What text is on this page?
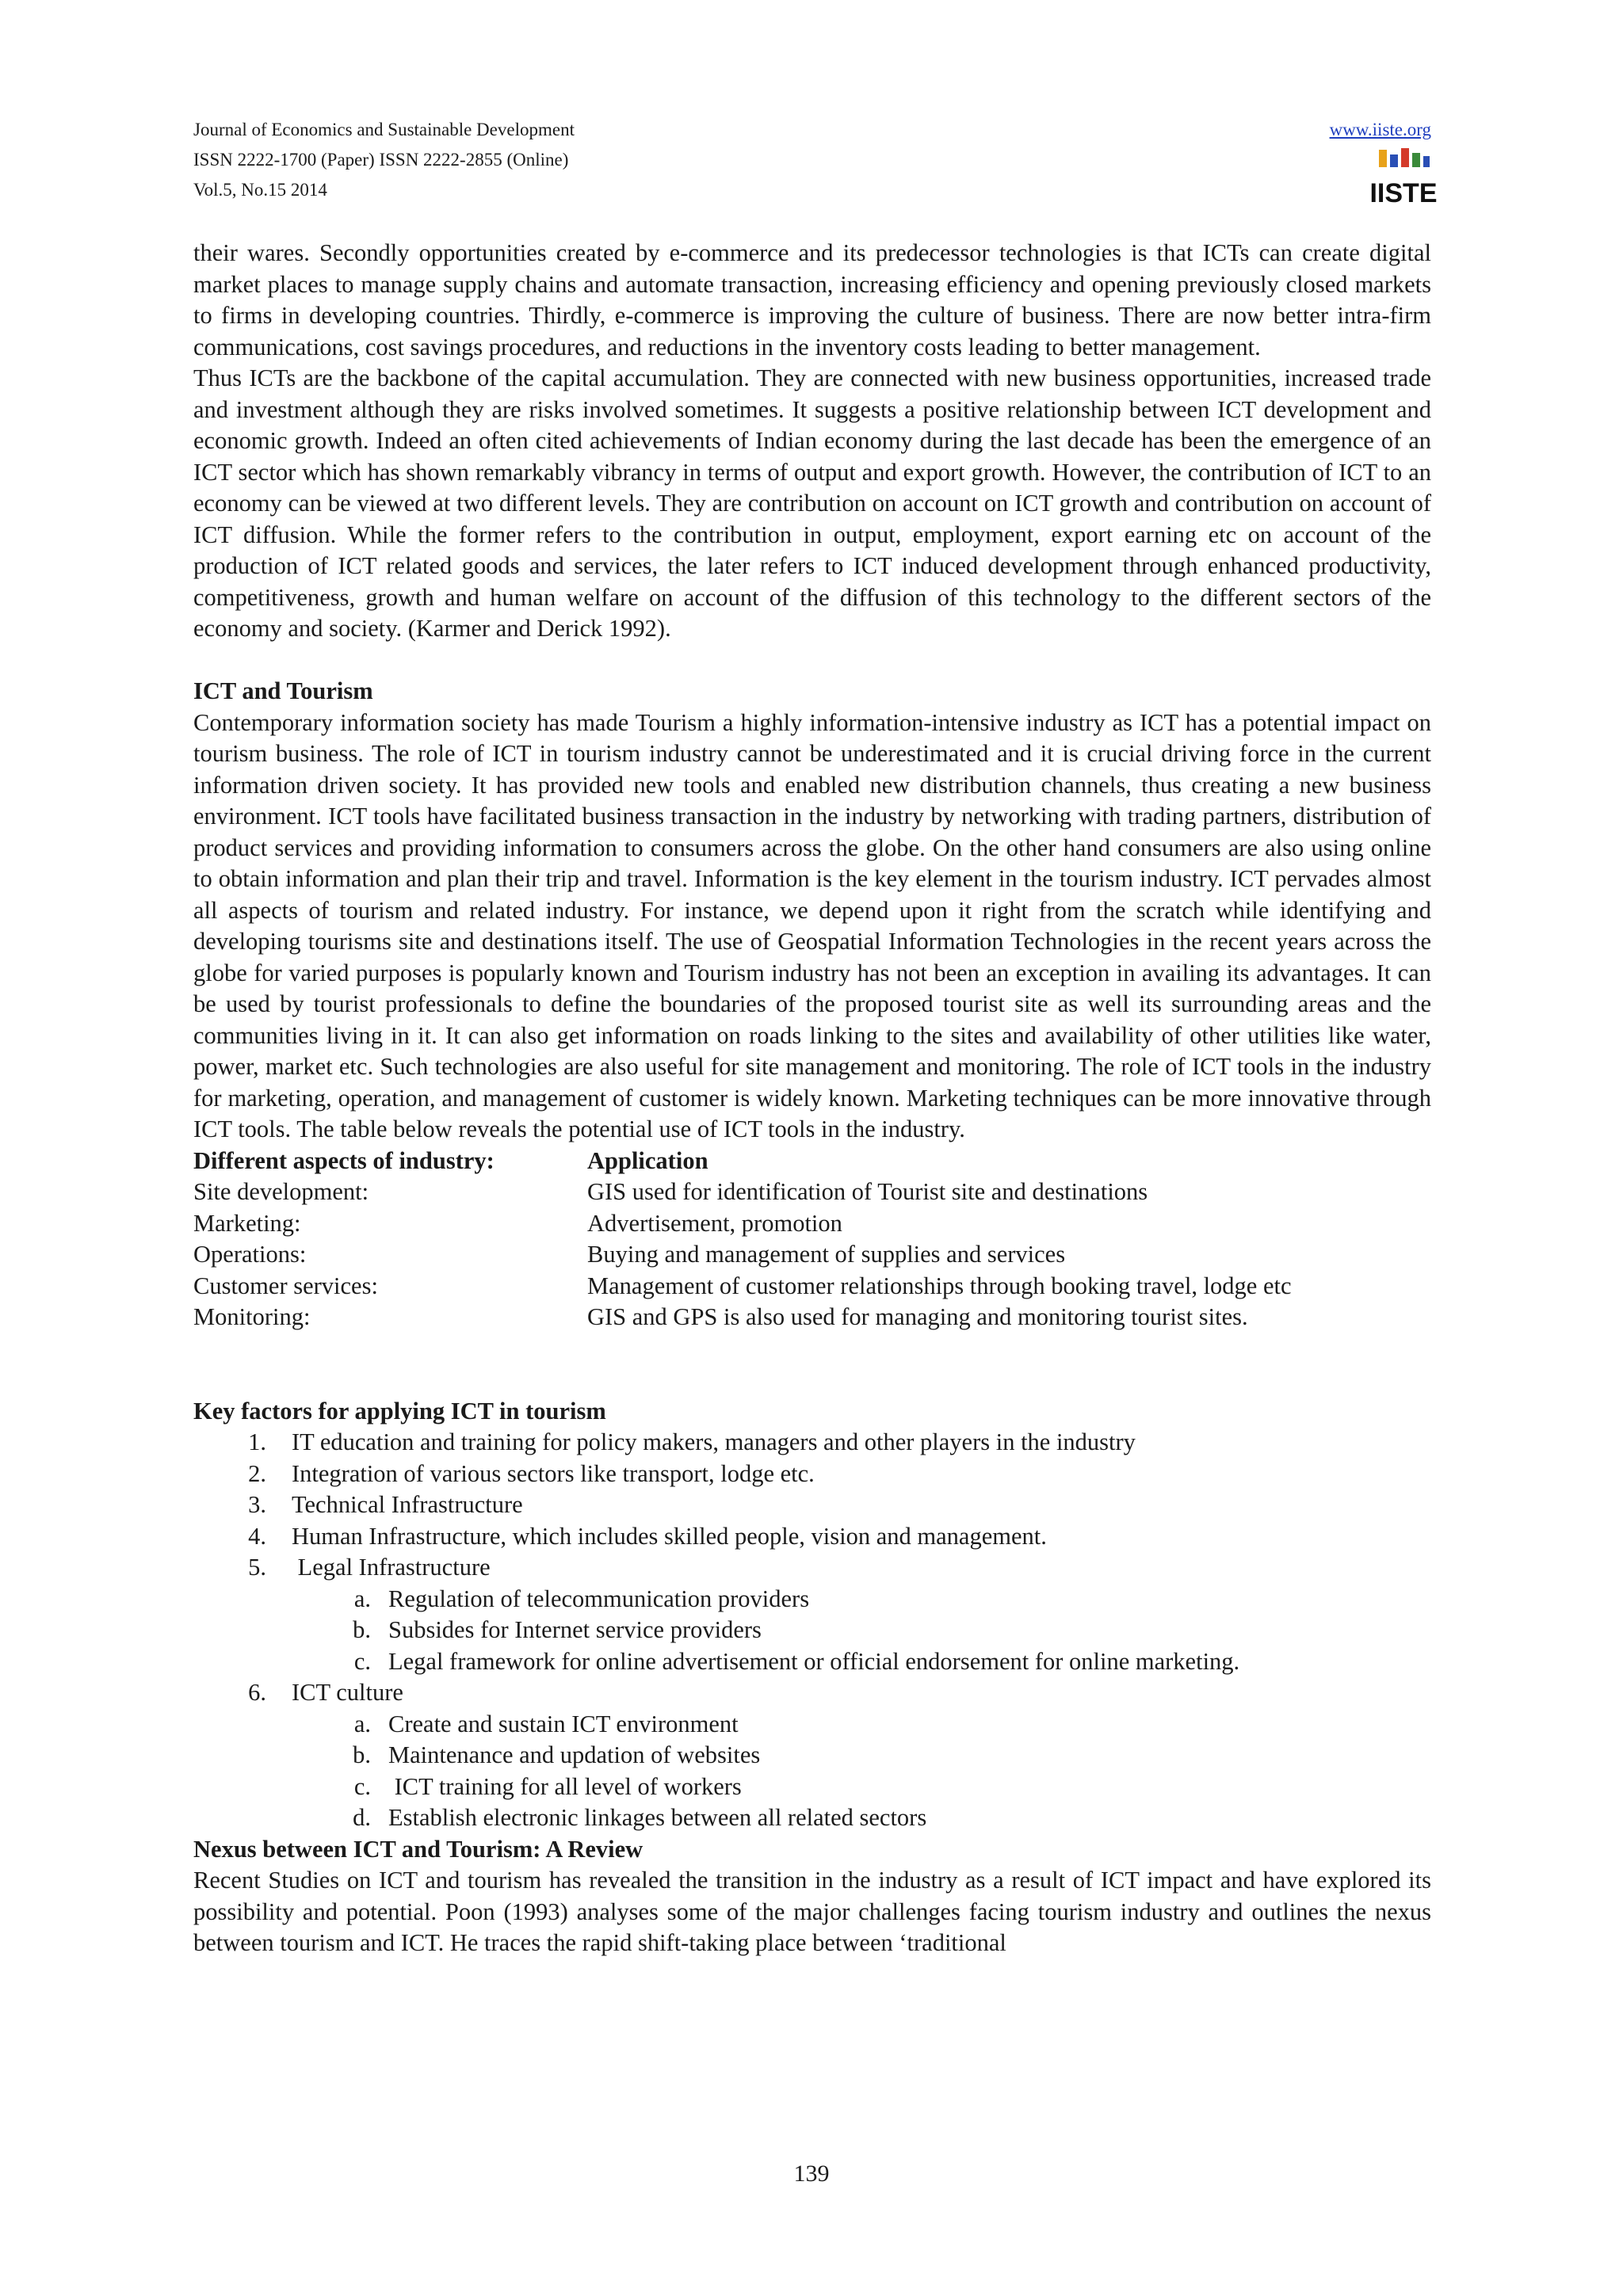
Journal of Economics and Sustainable Development
ISSN 2222-1700 (Paper) ISSN 2222-2855 (Online)
Vol.5, No.15 2014
www.iiste.org
IISTE

their wares. Secondly opportunities created by e-commerce and its predecessor technologies is that ICTs can create digital market places to manage supply chains and automate transaction, increasing efficiency and opening previously closed markets to firms in developing countries. Thirdly, e-commerce is improving the culture of business. There are now better intra-firm communications, cost savings procedures, and reductions in the inventory costs leading to better management.

Thus ICTs are the backbone of the capital accumulation. They are connected with new business opportunities, increased trade and investment although they are risks involved sometimes. It suggests a positive relationship between ICT development and economic growth. Indeed an often cited achievements of Indian economy during the last decade has been the emergence of an ICT sector which has shown remarkably vibrancy in terms of output and export growth. However, the contribution of ICT to an economy can be viewed at two different levels. They are contribution on account on ICT growth and contribution on account of ICT diffusion. While the former refers to the contribution in output, employment, export earning etc on account of the production of ICT related goods and services, the later refers to ICT induced development through enhanced productivity, competitiveness, growth and human welfare on account of the diffusion of this technology to the different sectors of the economy and society. (Karmer and Derick 1992).

ICT and Tourism

Contemporary information society has made Tourism a highly information-intensive industry as ICT has a potential impact on tourism business. The role of ICT in tourism industry cannot be underestimated and it is crucial driving force in the current information driven society. It has provided new tools and enabled new distribution channels, thus creating a new business environment. ICT tools have facilitated business transaction in the industry by networking with trading partners, distribution of product services and providing information to consumers across the globe. On the other hand consumers are also using online to obtain information and plan their trip and travel. Information is the key element in the tourism industry. ICT pervades almost all aspects of tourism and related industry. For instance, we depend upon it right from the scratch while identifying and developing tourisms site and destinations itself. The use of Geospatial Information Technologies in the recent years across the globe for varied purposes is popularly known and Tourism industry has not been an exception in availing its advantages. It can be used by tourist professionals to define the boundaries of the proposed tourist site as well its surrounding areas and the communities living in it. It can also get information on roads linking to the sites and availability of other utilities like water, power, market etc. Such technologies are also useful for site management and monitoring. The role of ICT tools in the industry for marketing, operation, and management of customer is widely known. Marketing techniques can be more innovative through ICT tools. The table below reveals the potential use of ICT tools in the industry.

Different aspects of industry:	Application
Site development:	GIS used for identification of Tourist site and destinations
Marketing:	Advertisement, promotion
Operations:	Buying and management of supplies and services
Customer services:	Management of customer relationships through booking travel, lodge etc
Monitoring:	GIS and GPS is also used for managing and monitoring tourist sites.

Key factors for applying ICT in tourism

1.	IT education and training for policy makers, managers and other players in the industry
2.	Integration of various sectors like transport, lodge etc.
3.	Technical Infrastructure
4.	Human Infrastructure, which includes skilled people, vision and management.
5.	Legal Infrastructure
a. Regulation of telecommunication providers
b. Subsides for Internet service providers
c. Legal framework for online advertisement or official endorsement for online marketing.
6.	ICT culture
a. Create and sustain ICT environment
b. Maintenance and updation of websites
c. ICT training for all level of workers
d. Establish electronic linkages between all related sectors

Nexus between ICT and Tourism: A Review

Recent Studies on ICT and tourism has revealed the transition in the industry as a result of ICT impact and have explored its possibility and potential. Poon (1993) analyses some of the major challenges facing tourism industry and outlines the nexus between tourism and ICT. He traces the rapid shift-taking place between ‘traditional

139
